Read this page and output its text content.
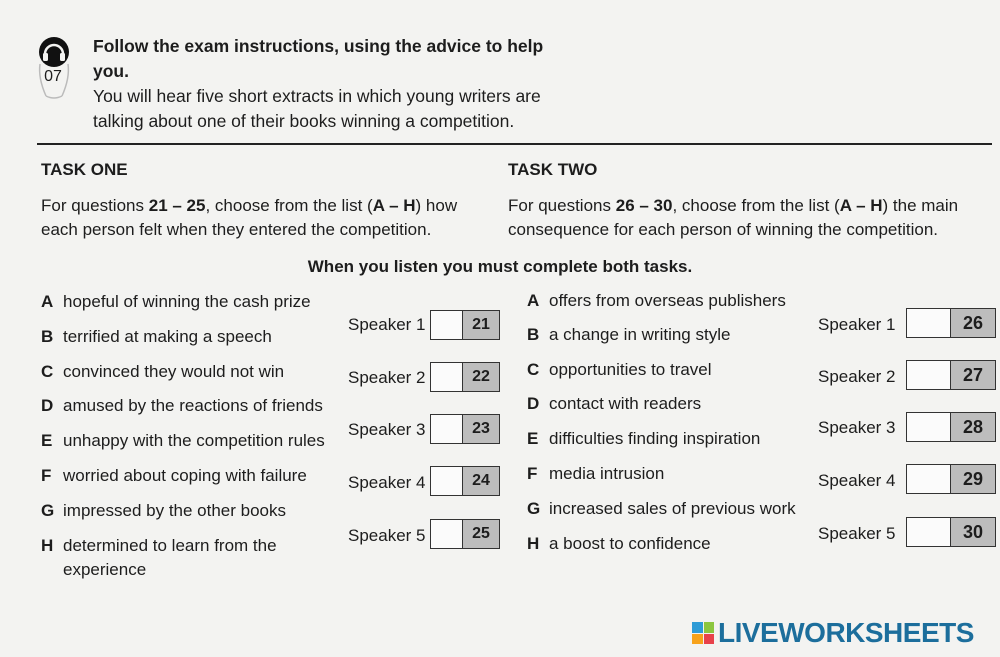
07
Follow the exam instructions, using the advice to help you.
You will hear five short extracts in which young writers are talking about one of their books winning a competition.
TASK ONE
For questions 21 – 25, choose from the list (A – H) how
each person felt when they entered the competition.
TASK TWO
For questions 26 – 30, choose from the list (A – H) the main
consequence for each person of winning the competition.
When you listen you must complete both tasks.
A hopeful of winning the cash prize
B terrified at making a speech
C convinced they would not win
D amused by the reactions of friends
E unhappy with the competition rules
F worried about coping with failure
G impressed by the other books
H determined to learn from the
experience
Speaker 1	21
Speaker 2	22
Speaker 3	23
Speaker 4	24
Speaker 5	25
A offers from overseas publishers
B a change in writing style
C opportunities to travel
D contact with readers
E difficulties finding inspiration
F media intrusion
G increased sales of previous work
H a boost to confidence
Speaker 1	26
Speaker 2	27
Speaker 3	28
Speaker 4	29
Speaker 5	30
LIVEWORKSHEETS
